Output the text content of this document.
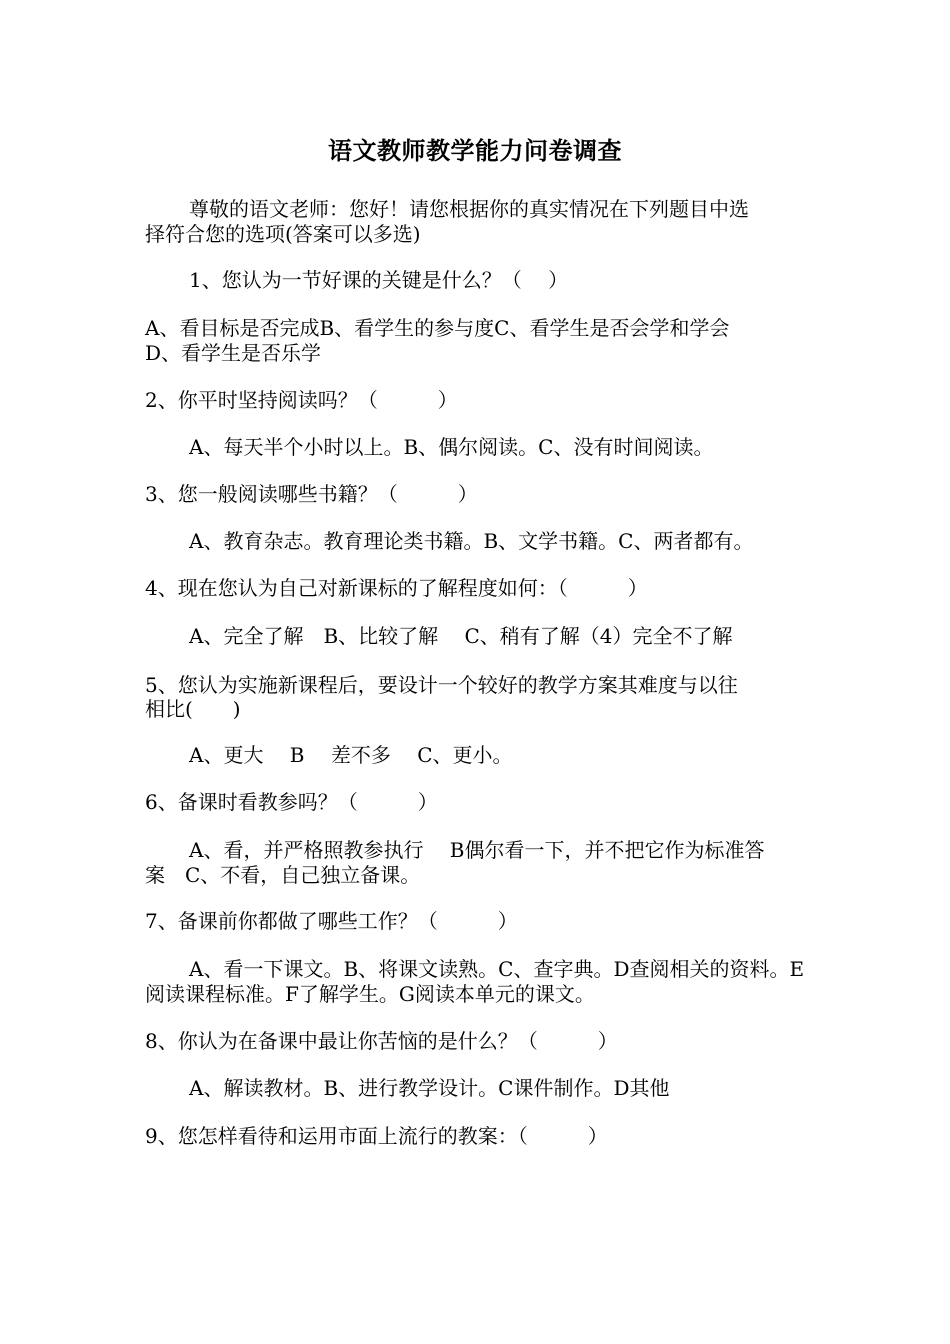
语文教师教学能力问卷调查
尊敬的语文老师：您好！请您根据你的真实情况在下列题目中选
择符合您的选项(答案可以多选)
1、您认为一节好课的关键是什么？（　 ）
A、看目标是否完成B、看学生的参与度C、看学生是否会学和学会
D、看学生是否乐学
2、你平时坚持阅读吗？（　　　）
A、每天半个小时以上。B、偶尔阅读。C、没有时间阅读。
3、您一般阅读哪些书籍？（　　　）
A、教育杂志。教育理论类书籍。B、文学书籍。C、两者都有。
4、现在您认为自己对新课标的了解程度如何：（　　　）
A、完全了解　B、比较了解　 C、稍有了解（4）完全不了解
5、您认为实施新课程后，要设计一个较好的教学方案其难度与以往
相比(　　)
A、更大　 B　 差不多　 C、更小。
6、备课时看教参吗？（　　　）
A、看，并严格照教参执行　 B偶尔看一下，并不把它作为标准答
案　C、不看，自己独立备课。
7、备课前你都做了哪些工作？（　　　）
A、看一下课文。B、将课文读熟。C、查字典。D查阅相关的资料。E
阅读课程标准。F了解学生。G阅读本单元的课文。
8、你认为在备课中最让你苦恼的是什么？（　　　）
A、解读教材。B、进行教学设计。C课件制作。D其他
9、您怎样看待和运用市面上流行的教案：（　　　）
